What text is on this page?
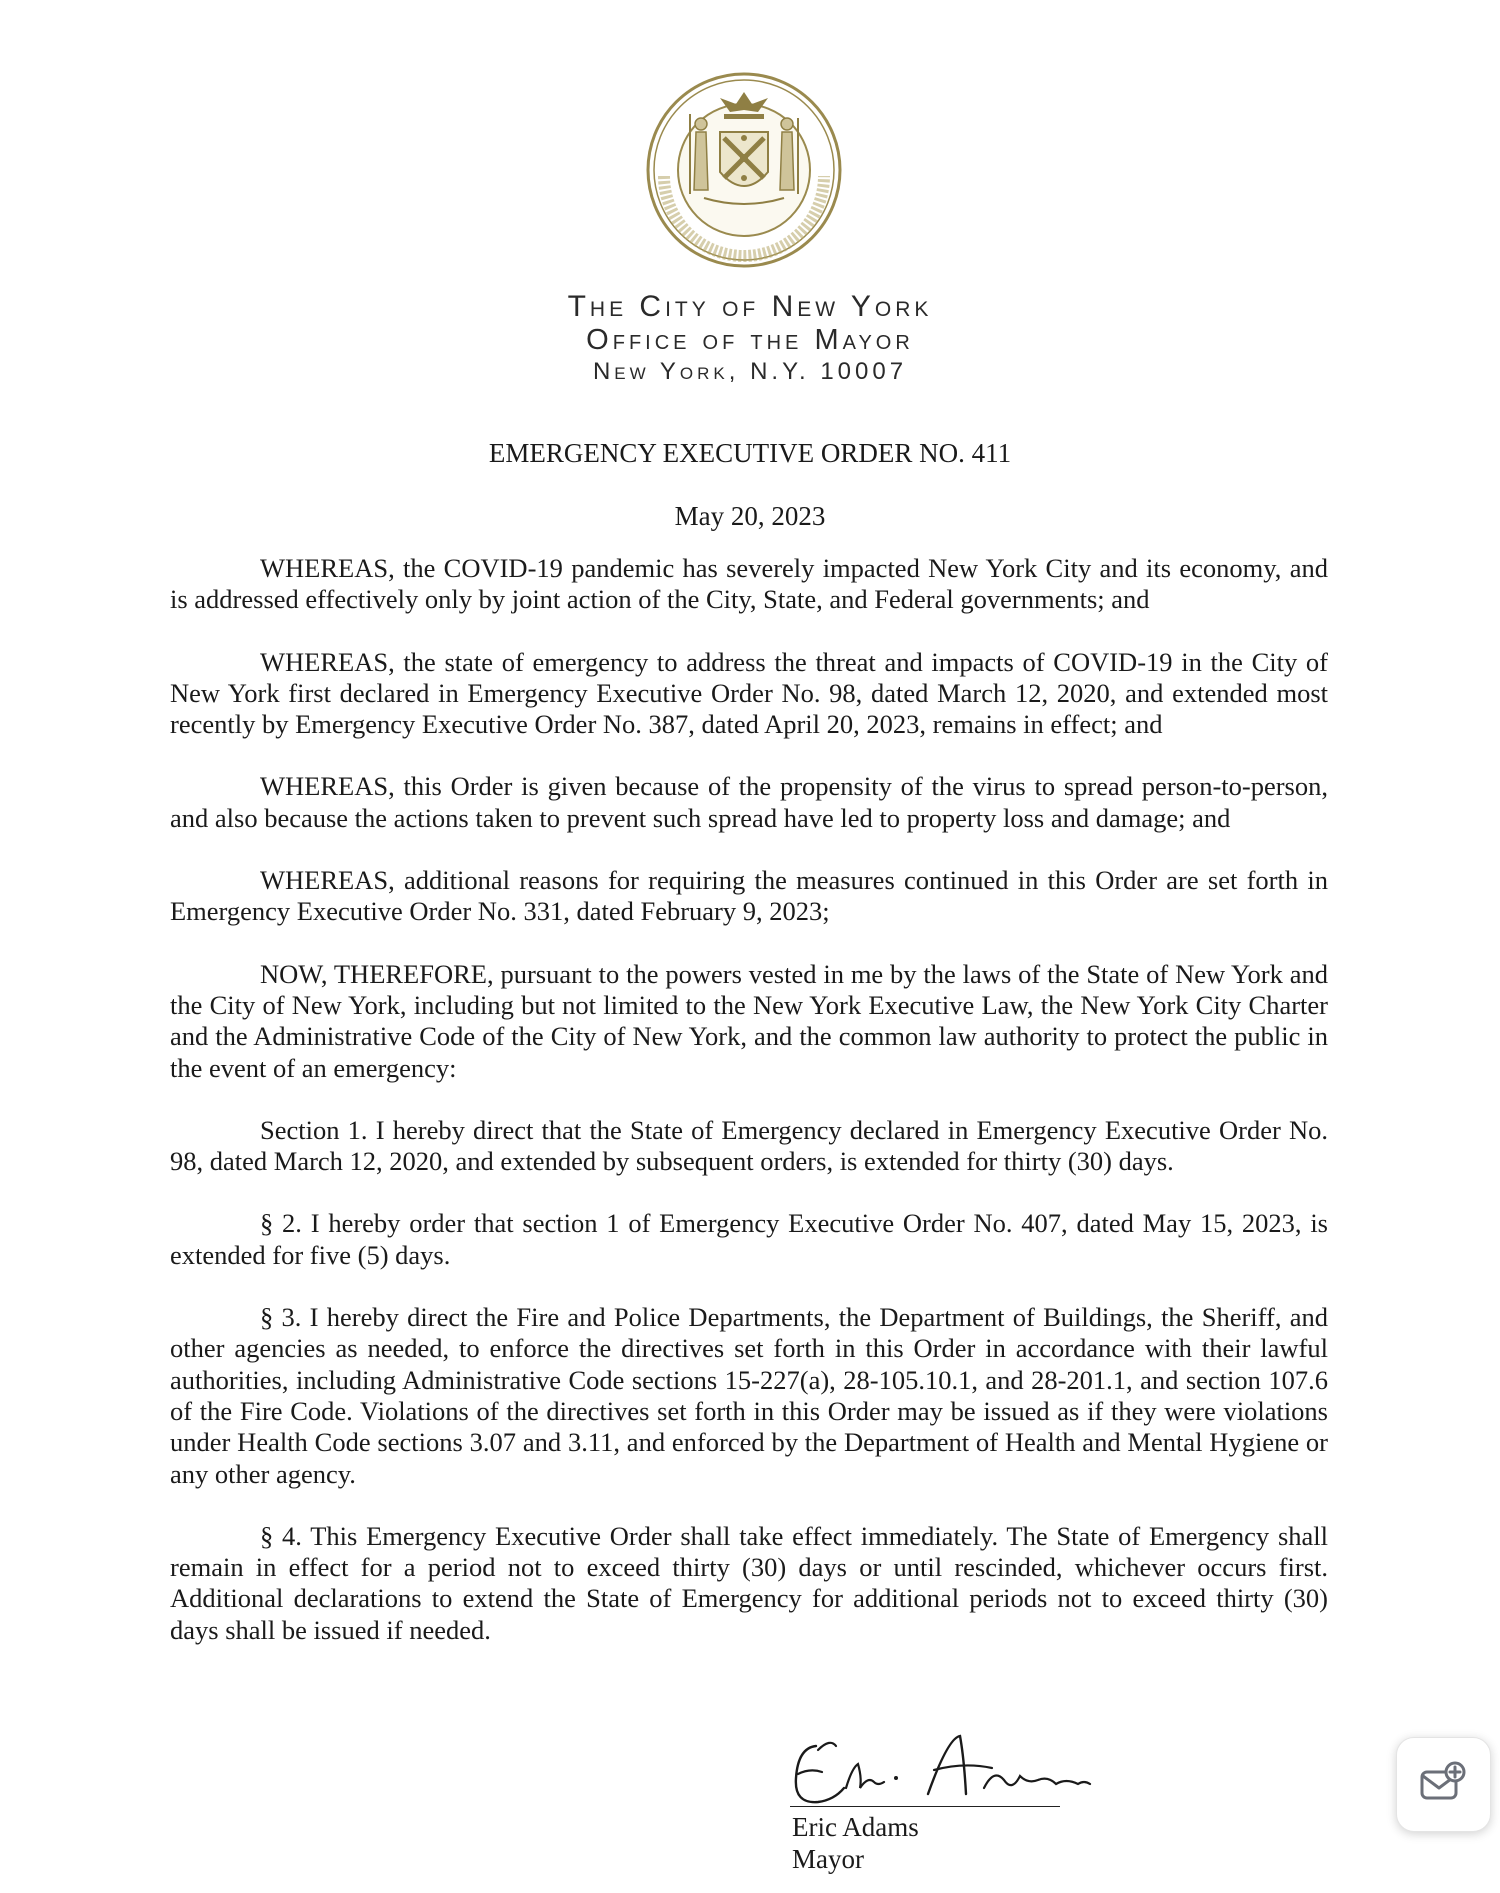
The City of New York
Office of the Mayor
New York, N.Y. 10007
EMERGENCY EXECUTIVE ORDER NO. 411
May 20, 2023

WHEREAS, the COVID-19 pandemic has severely impacted New York City and its economy, and is addressed effectively only by joint action of the City, State, and Federal governments; and

WHEREAS, the state of emergency to address the threat and impacts of COVID-19 in the City of New York first declared in Emergency Executive Order No. 98, dated March 12, 2020, and extended most recently by Emergency Executive Order No. 387, dated April 20, 2023, remains in effect; and

WHEREAS, this Order is given because of the propensity of the virus to spread person-to-person, and also because the actions taken to prevent such spread have led to property loss and damage; and

WHEREAS, additional reasons for requiring the measures continued in this Order are set forth in Emergency Executive Order No. 331, dated February 9, 2023;

NOW, THEREFORE, pursuant to the powers vested in me by the laws of the State of New York and the City of New York, including but not limited to the New York Executive Law, the New York City Charter and the Administrative Code of the City of New York, and the common law authority to protect the public in the event of an emergency:

Section 1. I hereby direct that the State of Emergency declared in Emergency Executive Order No. 98, dated March 12, 2020, and extended by subsequent orders, is extended for thirty (30) days.

§ 2. I hereby order that section 1 of Emergency Executive Order No. 407, dated May 15, 2023, is extended for five (5) days.

§ 3. I hereby direct the Fire and Police Departments, the Department of Buildings, the Sheriff, and other agencies as needed, to enforce the directives set forth in this Order in accordance with their lawful authorities, including Administrative Code sections 15-227(a), 28-105.10.1, and 28-201.1, and section 107.6 of the Fire Code. Violations of the directives set forth in this Order may be issued as if they were violations under Health Code sections 3.07 and 3.11, and enforced by the Department of Health and Mental Hygiene or any other agency.

§ 4. This Emergency Executive Order shall take effect immediately. The State of Emergency shall remain in effect for a period not to exceed thirty (30) days or until rescinded, whichever occurs first. Additional declarations to extend the State of Emergency for additional periods not to exceed thirty (30) days shall be issued if needed.

Eric Adams
Mayor
